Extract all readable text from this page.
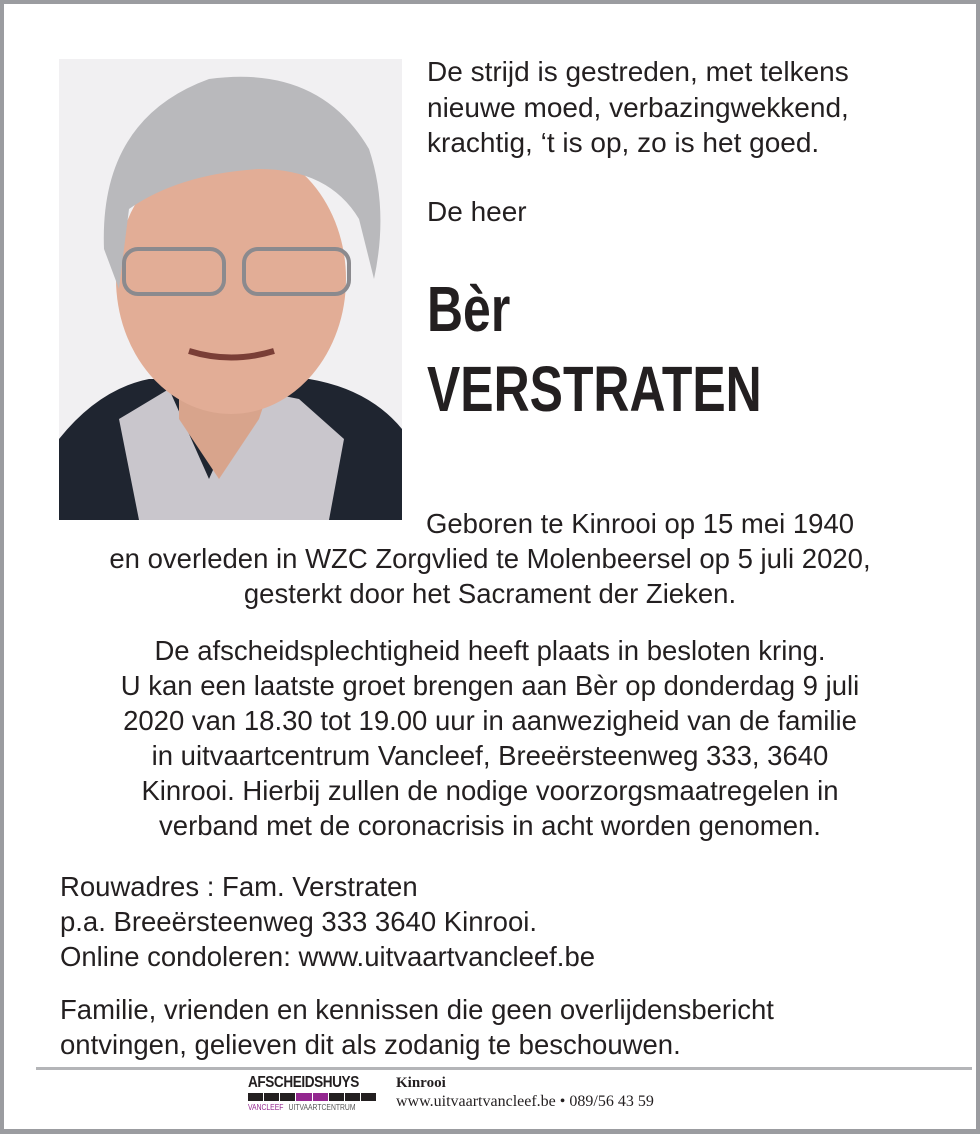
De strijd is gestreden, met telkens
nieuwe moed, verbazingwekkend,
krachtig, ‘t is op, zo is het goed.
De heer
Bèr
VERSTRATEN
Geboren te Kinrooi op 15 mei 1940
en overleden in WZC Zorgvlied te Molenbeersel op 5 juli 2020,
gesterkt door het Sacrament der Zieken.
De afscheidsplechtigheid heeft plaats in besloten kring.
U kan een laatste groet brengen aan Bèr op donderdag 9 juli
2020 van 18.30 tot 19.00 uur in aanwezigheid van de familie
in uitvaartcentrum Vancleef, Breeërsteenweg 333, 3640
Kinrooi. Hierbij zullen de nodige voorzorgsmaatregelen in
verband met de coronacrisis in acht worden genomen.
Rouwadres : Fam. Verstraten
p.a. Breeërsteenweg 333 3640 Kinrooi.
Online condoleren: www.uitvaartvancleef.be
Familie, vrienden en kennissen die geen overlijdensbericht
ontvingen, gelieven dit als zodanig te beschouwen.
AFSCHEIDSHUYS
VANCLEEF UITVAARTCENTRUM
Kinrooi
www.uitvaartvancleef.be • 089/56 43 59
